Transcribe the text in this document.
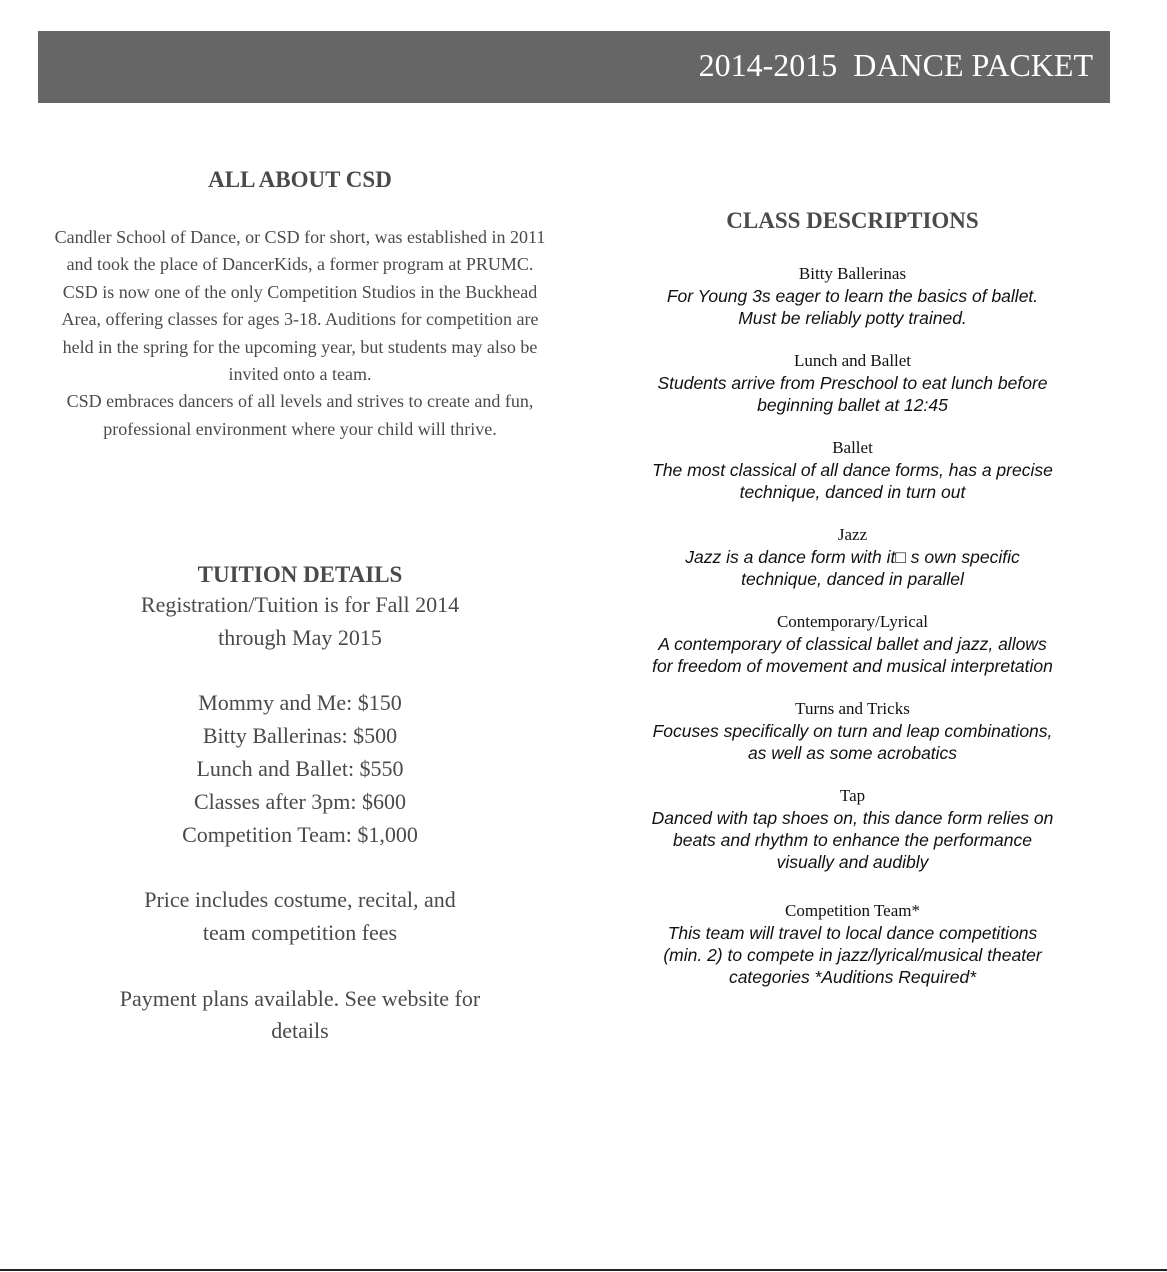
2014-2015  DANCE PACKET
ALL ABOUT CSD

Candler School of Dance, or CSD for short, was established in 2011 and took the place of DancerKids, a former program at PRUMC.

CSD is now one of the only Competition Studios in the Buckhead Area, offering classes for ages 3-18. Auditions for competition are held in the spring for the upcoming year, but students may also be invited onto a team.

CSD embraces dancers of all levels and strives to create and fun, professional environment where your child will thrive.

TUITION DETAILS

Registration/Tuition is for Fall 2014

through May 2015

Mommy and Me: $150

Bitty Ballerinas: $500

Lunch and Ballet: $550

Classes after 3pm: $600

Competition Team: $1,000

Price includes costume, recital, and

team competition fees

Payment plans available. See website for

details

CLASS DESCRIPTIONS
Bitty Ballerinas
For Young 3s eager to learn the basics of ballet.
Must be reliably potty trained.
Lunch and Ballet
Students arrive from Preschool to eat lunch before
beginning ballet at 12:45
Ballet
The most classical of all dance forms, has a precise
technique, danced in turn out
Jazz
Jazz is a dance form with it□ s own specific
technique, danced in parallel
Contemporary/Lyrical
A contemporary of classical ballet and jazz, allows
for freedom of movement and musical interpretation
Turns and Tricks
Focuses specifically on turn and leap combinations,
as well as some acrobatics
Tap
Danced with tap shoes on, this dance form relies on
beats and rhythm to enhance the performance
visually and audibly
Competition Team*
This team will travel to local dance competitions
(min. 2) to compete in jazz/lyrical/musical theater
categories *Auditions Required*
